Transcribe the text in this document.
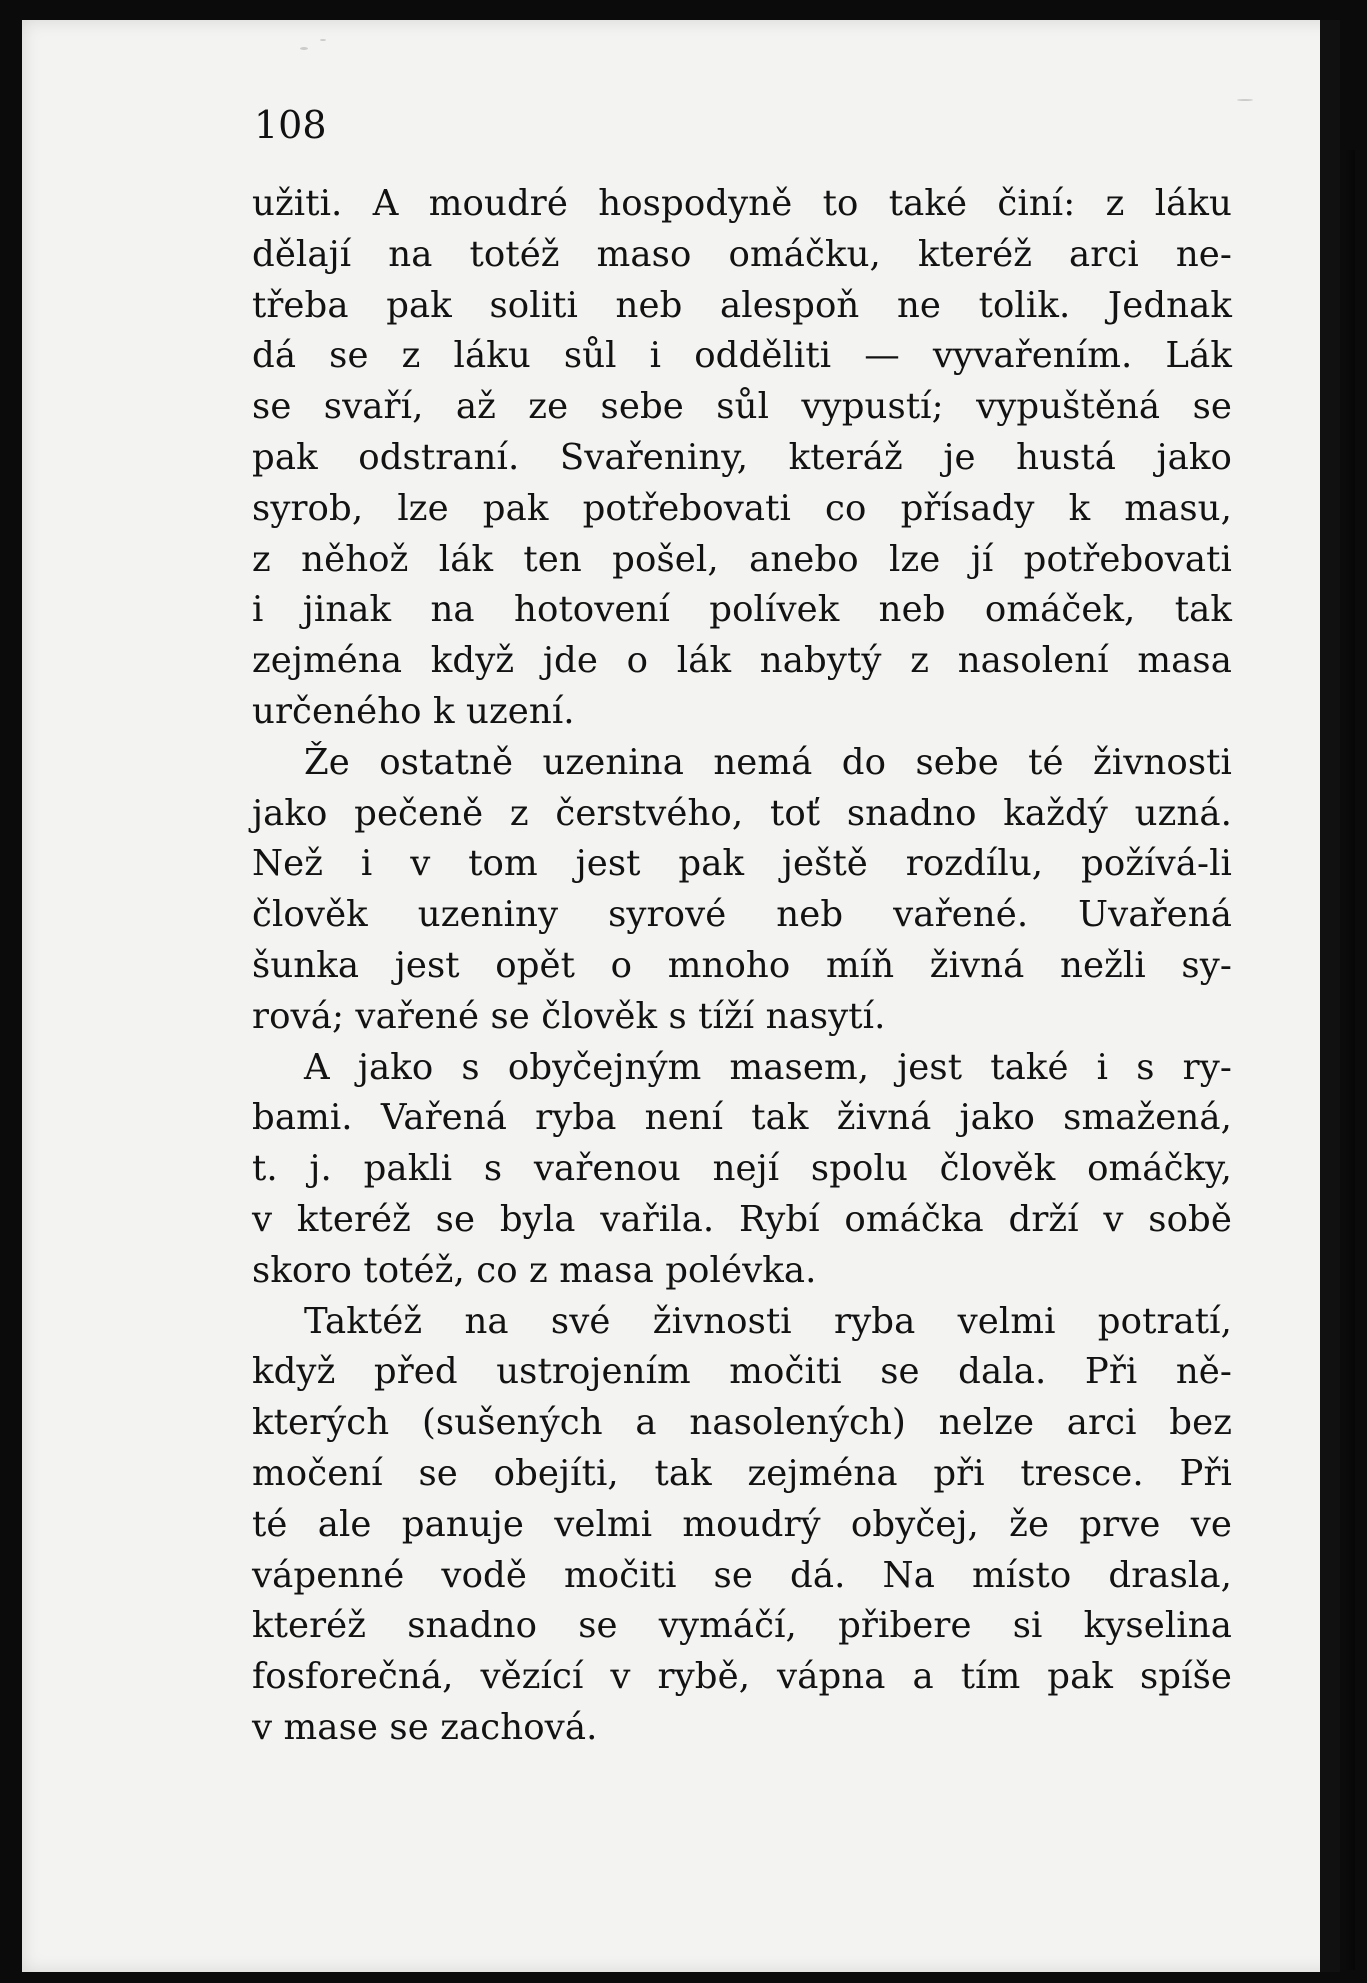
108
užiti. A moudré hospodyně to také činí: z láku
dělají na totéž maso omáčku, kteréž arci ne-
třeba pak soliti neb alespoň ne tolik. Jednak
dá se z láku sůl i odděliti — vyvařením. Lák
se svaří, až ze sebe sůl vypustí; vypuštěná se
pak odstraní. Svařeniny, kteráž je hustá jako
syrob, lze pak potřebovati co přísady k masu,
z něhož lák ten pošel, anebo lze jí potřebovati
i jinak na hotovení polívek neb omáček, tak
zejména když jde o lák nabytý z nasolení masa
určeného k uzení.
Že ostatně uzenina nemá do sebe té živnosti
jako pečeně z čerstvého, toť snadno každý uzná.
Než i v tom jest pak ještě rozdílu, požívá-li
člověk uzeniny syrové neb vařené. Uvařená
šunka jest opět o mnoho míň živná nežli sy-
rová; vařené se člověk s tíží nasytí.
A jako s obyčejným masem, jest také i s ry-
bami. Vařená ryba není tak živná jako smažená,
t. j. pakli s vařenou nejí spolu člověk omáčky,
v kteréž se byla vařila. Rybí omáčka drží v sobě
skoro totéž, co z masa polévka.
Taktéž na své živnosti ryba velmi potratí,
když před ustrojením močiti se dala. Při ně-
kterých (sušených a nasolených) nelze arci bez
močení se obejíti, tak zejména při tresce. Při
té ale panuje velmi moudrý obyčej, že prve ve
vápenné vodě močiti se dá. Na místo drasla,
kteréž snadno se vymáčí, přibere si kyselina
fosforečná, vězící v rybě, vápna a tím pak spíše
v mase se zachová.
